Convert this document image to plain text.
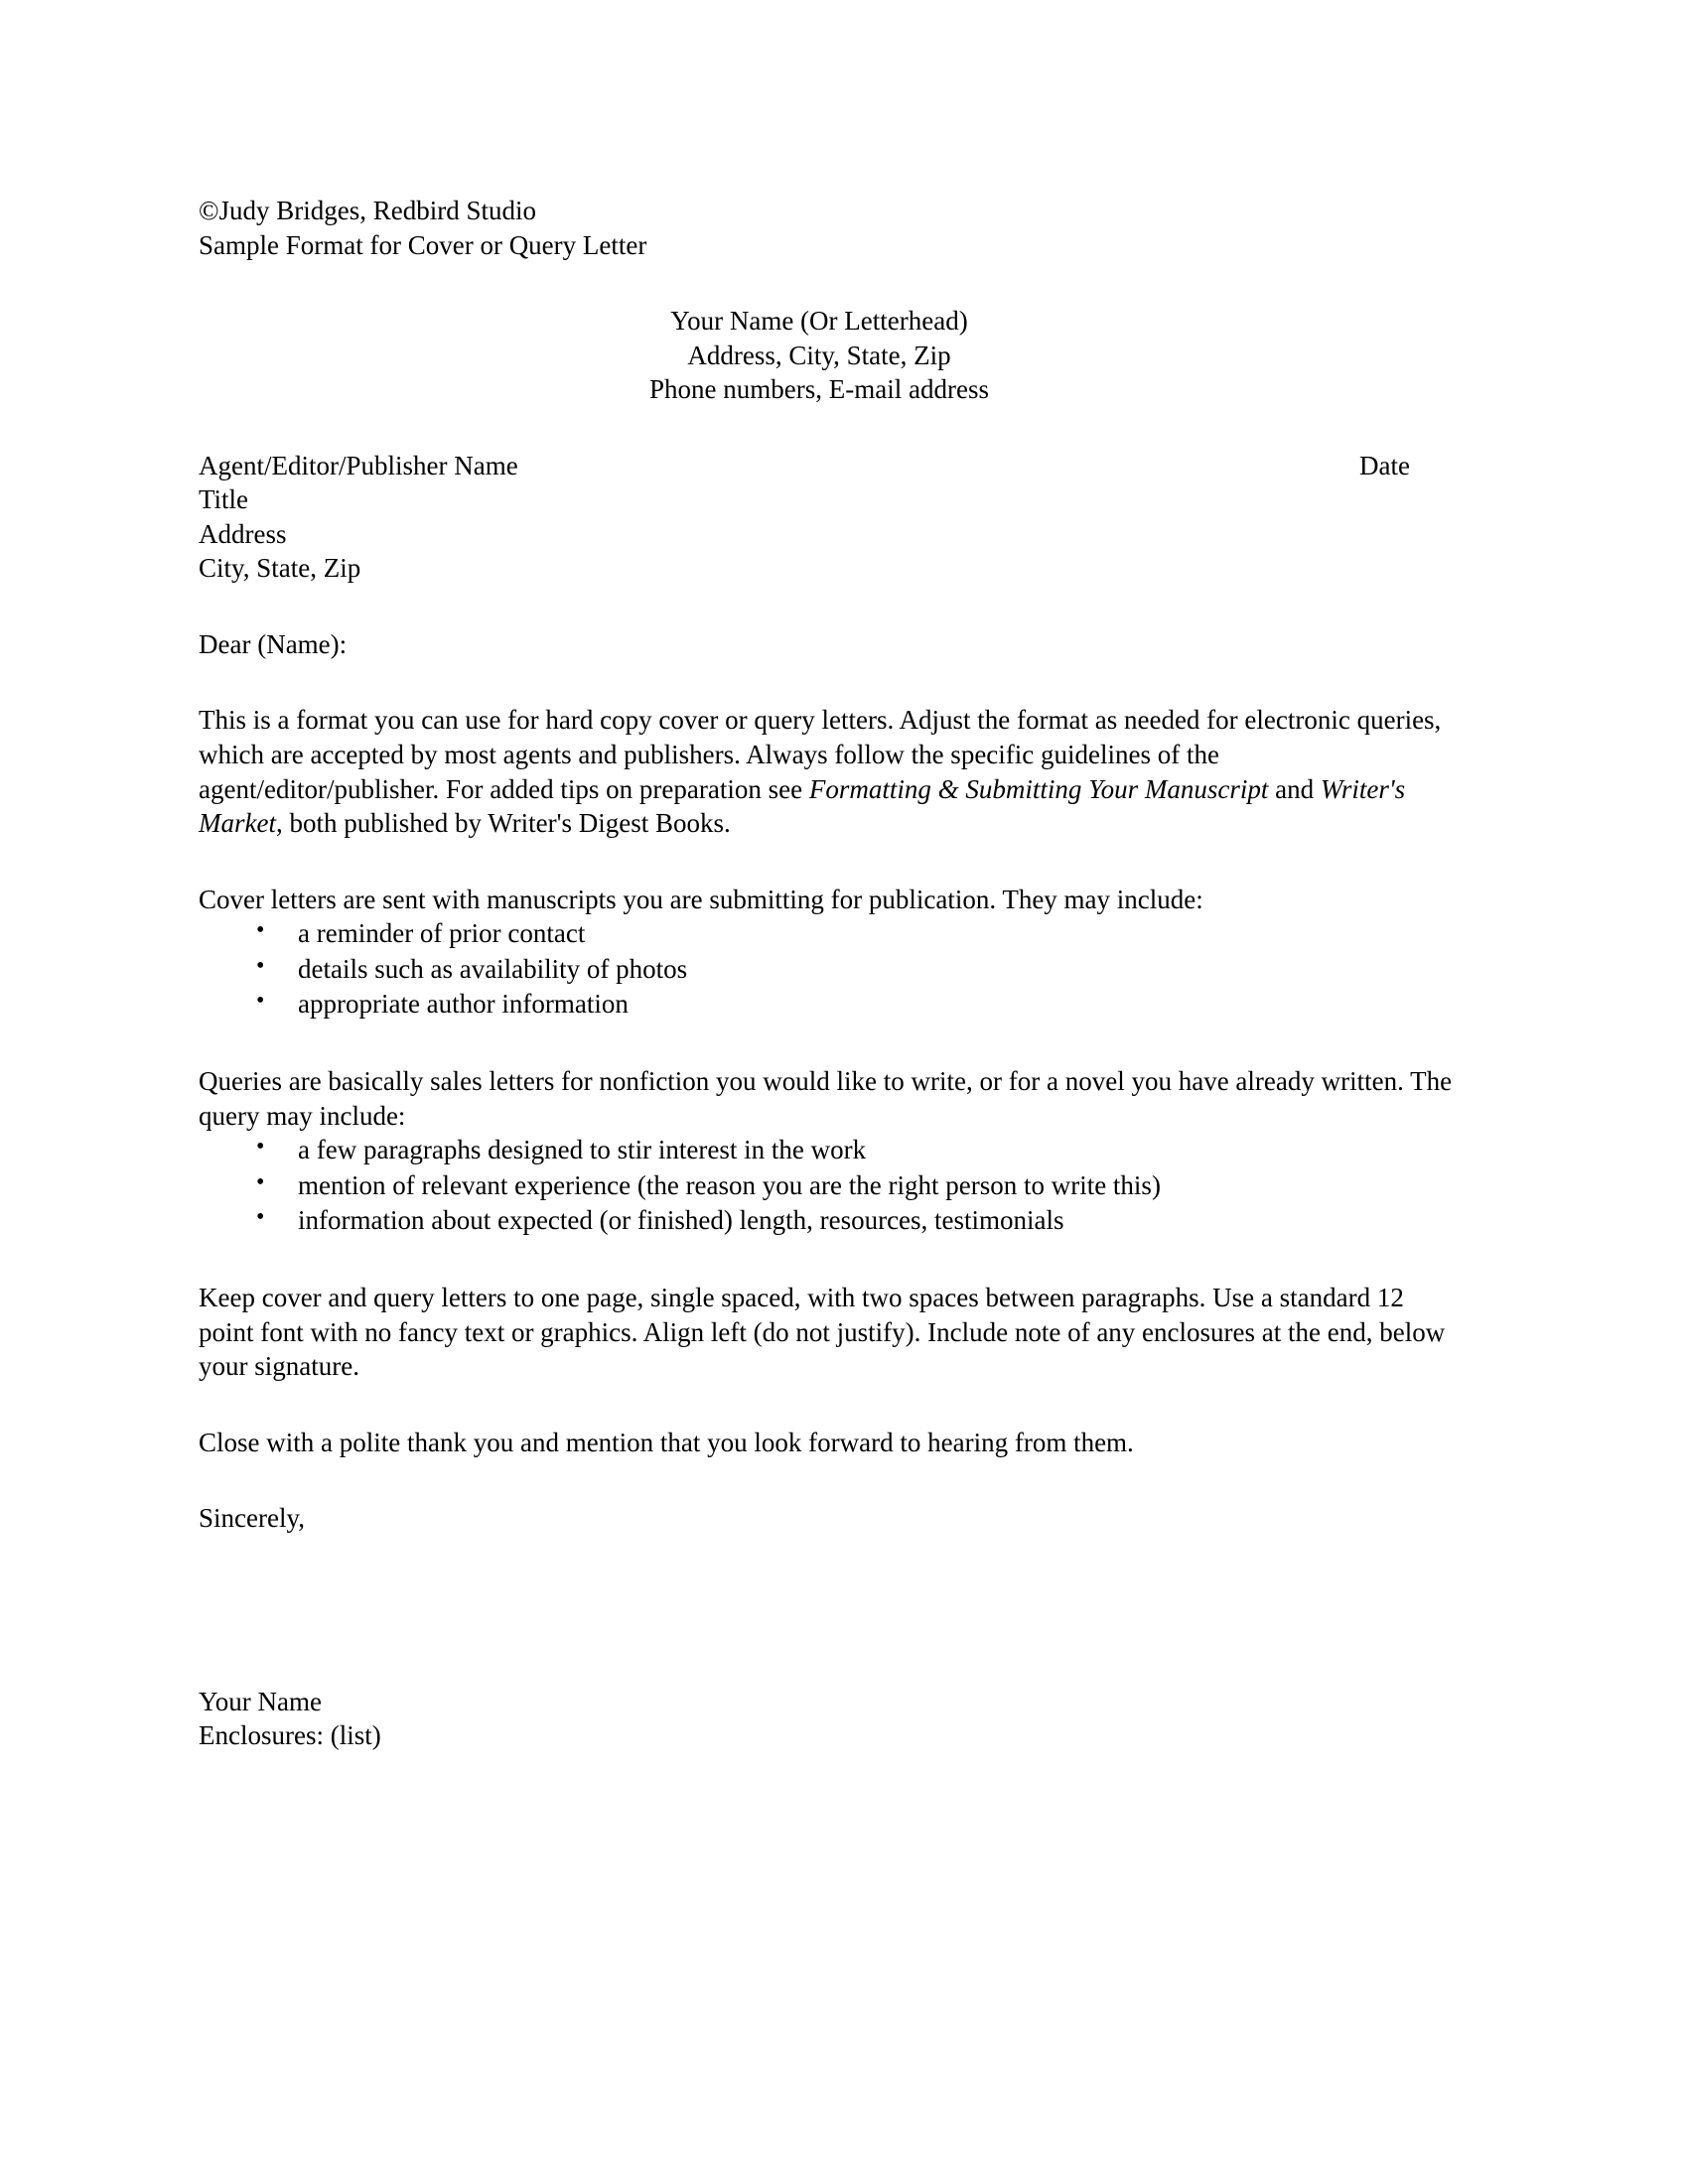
©Judy Bridges, Redbird Studio
Sample Format for Cover or Query Letter
Your Name (Or Letterhead)
Address, City, State, Zip
Phone numbers, E-mail address
Agent/Editor/Publisher Name
Title
Address
City, State, Zip
Date

Dear (Name):

This is a format you can use for hard copy cover or query letters. Adjust the format as needed for electronic queries, which are accepted by most agents and publishers. Always follow the specific guidelines of the agent/editor/publisher. For added tips on preparation see Formatting & Submitting Your Manuscript and Writer's Market, both published by Writer's Digest Books.

Cover letters are sent with manuscripts you are submitting for publication. They may include:

• a reminder of prior contact
• details such as availability of photos
• appropriate author information

Queries are basically sales letters for nonfiction you would like to write, or for a novel you have already written. The query may include:

• a few paragraphs designed to stir interest in the work
• mention of relevant experience (the reason you are the right person to write this)
• information about expected (or finished) length, resources, testimonials

Keep cover and query letters to one page, single spaced, with two spaces between paragraphs. Use a standard 12 point font with no fancy text or graphics. Align left (do not justify). Include note of any enclosures at the end, below your signature.

Close with a polite thank you and mention that you look forward to hearing from them.

Sincerely,

Your Name
Enclosures: (list)
